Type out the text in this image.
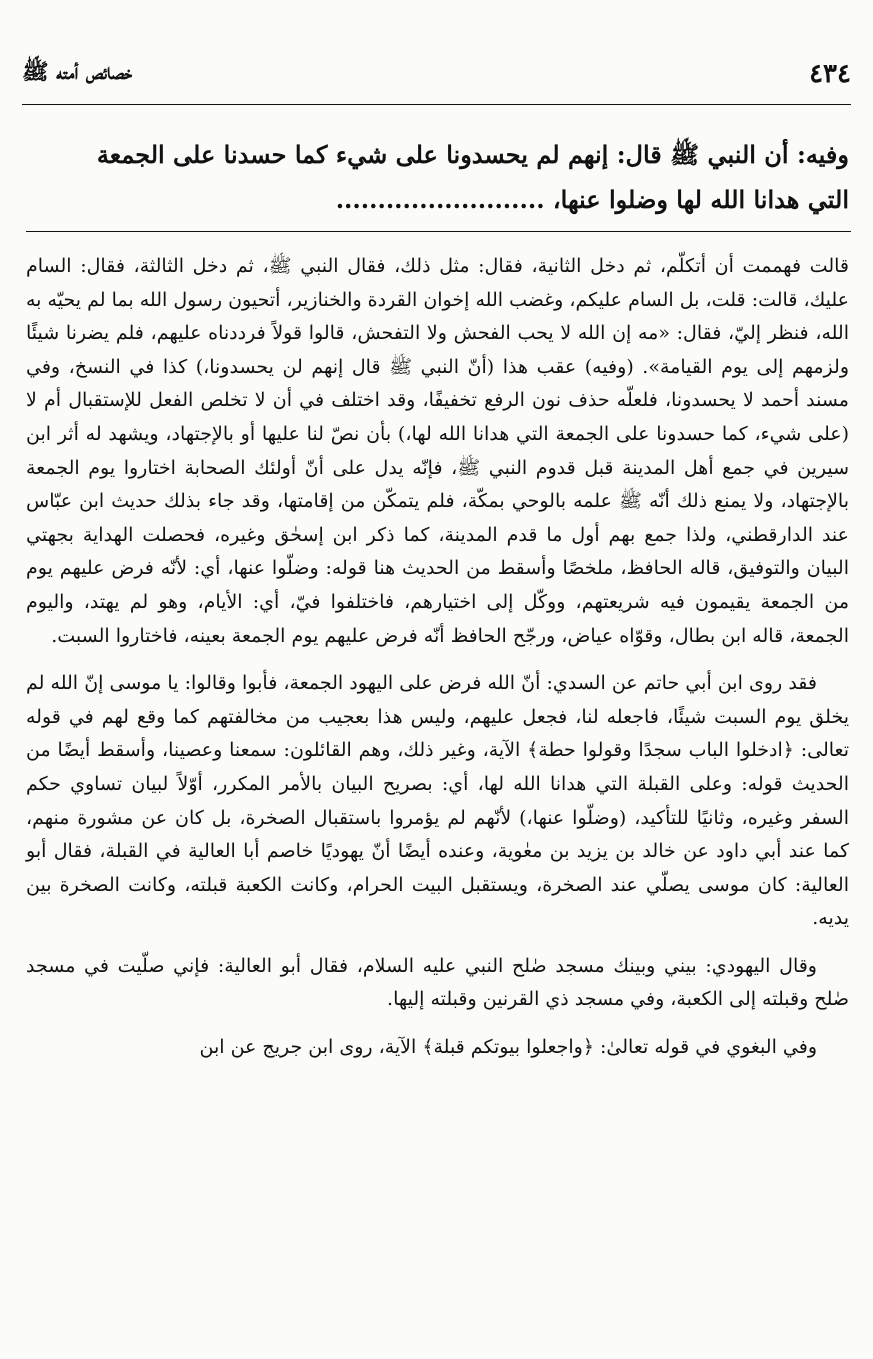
٤٣٤
خصائص أمته ﷺ
وفيه: أن النبي ﷺ قال: إنهم لم يحسدونا على شيء كما حسدنا على الجمعة
التي هدانا الله لها وضلوا عنها، .........................

قالت فهممت أن أتكلّم، ثم دخل الثانية، فقال: مثل ذلك، فقال النبي ﷺ، ثم دخل الثالثة، فقال: السام عليك، قالت: قلت، بل السام عليكم، وغضب الله إخوان القردة والخنازير، أتحيون رسول الله بما لم يحيّه به الله، فنظر إليّ، فقال: «مه إن الله لا يحب الفحش ولا التفحش، قالوا قولاً فرددناه عليهم، فلم يضرنا شيئًا ولزمهم إلى يوم القيامة». (وفيه) عقب هذا (أنّ النبي ﷺ قال إنهم لن يحسدونا،) كذا في النسخ، وفي مسند أحمد لا يحسدونا، فلعلّه حذف نون الرفع تخفيفًا، وقد اختلف في أن لا تخلص الفعل للإستقبال أم لا (على شيء، كما حسدونا على الجمعة التي هدانا الله لها،) بأن نصّ لنا عليها أو بالإجتهاد، ويشهد له أثر ابن سيرين في جمع أهل المدينة قبل قدوم النبي ﷺ، فإنّه يدل على أنّ أولئك الصحابة اختاروا يوم الجمعة بالإجتهاد، ولا يمنع ذلك أنّه ﷺ علمه بالوحي بمكّة، فلم يتمكّن من إقامتها، وقد جاء بذلك حديث ابن عبّاس عند الدارقطني، ولذا جمع بهم أول ما قدم المدينة، كما ذكر ابن إسحٰق وغيره، فحصلت الهداية بجهتي البيان والتوفيق، قاله الحافظ، ملخصًا وأسقط من الحديث هنا قوله: وضلّوا عنها، أي: لأنّه فرض عليهم يوم من الجمعة يقيمون فيه شريعتهم، ووكّل إلى اختيارهم، فاختلفوا فيّ، أي: الأيام، وهو لم يهتد، واليوم الجمعة، قاله ابن بطال، وقوّاه عياض، ورجّح الحافظ أنّه فرض عليهم يوم الجمعة بعينه، فاختاروا السبت.

فقد روى ابن أبي حاتم عن السدي: أنّ الله فرض على اليهود الجمعة، فأبوا وقالوا: يا موسى إنّ الله لم يخلق يوم السبت شيئًا، فاجعله لنا، فجعل عليهم، وليس هذا بعجيب من مخالفتهم كما وقع لهم في قوله تعالى: ﴿ادخلوا الباب سجدًا وقولوا حطة﴾ الآية، وغير ذلك، وهم القائلون: سمعنا وعصينا، وأسقط أيضًا من الحديث قوله: وعلى القبلة التي هدانا الله لها، أي: بصريح البيان بالأمر المكرر، أوّلاً لبيان تساوي حكم السفر وغيره، وثانيًا للتأكيد، (وضلّوا عنها،) لأنّهم لم يؤمروا باستقبال الصخرة، بل كان عن مشورة منهم، كما عند أبي داود عن خالد بن يزيد بن معٰوية، وعنده أيضًا أنّ يهوديًا خاصم أبا العالية في القبلة، فقال أبو العالية: كان موسى يصلّي عند الصخرة، ويستقبل البيت الحرام، وكانت الكعبة قبلته، وكانت الصخرة بين يديه.

وقال اليهودي: بيني وبينك مسجد صٰلح النبي عليه السلام، فقال أبو العالية: فإني صلّيت في مسجد صٰلح وقبلته إلى الكعبة، وفي مسجد ذي القرنين وقبلته إليها.

وفي البغوي في قوله تعالىٰ: ﴿واجعلوا بيوتكم قبلة﴾ الآية، روى ابن جريج عن ابن
